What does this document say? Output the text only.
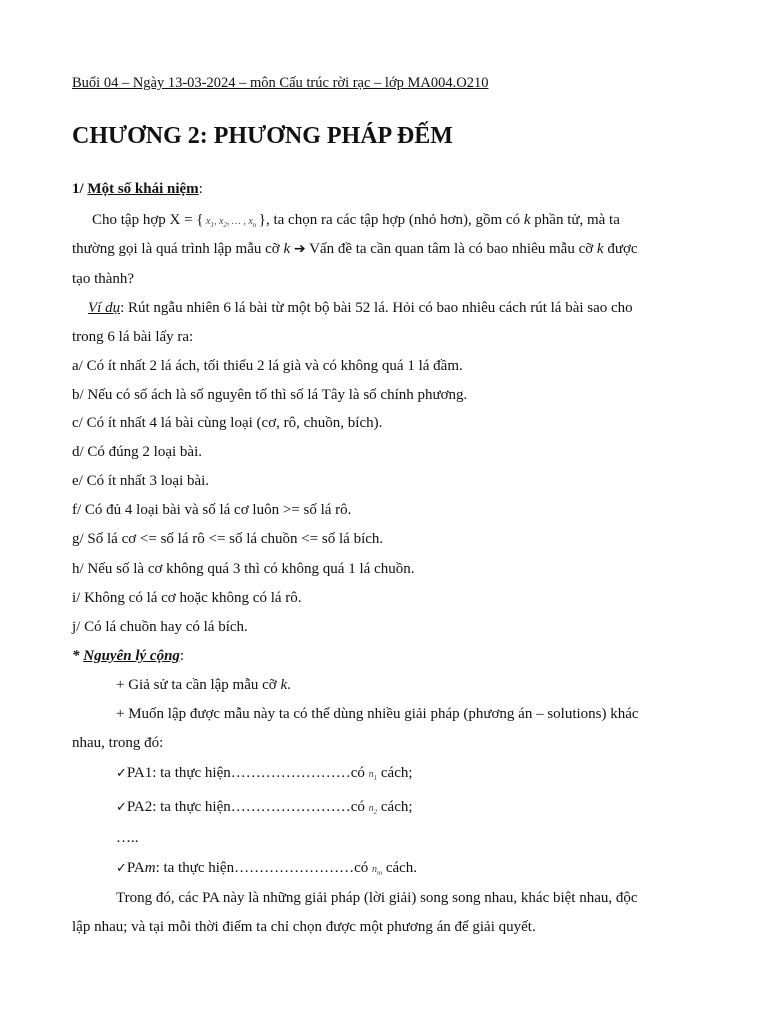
Buổi 04 – Ngày 13-03-2024 – môn Cấu trúc rời rạc – lớp MA004.O210
CHƯƠNG 2: PHƯƠNG PHÁP ĐẾM
1/ Một số khái niệm:
Cho tập hợp X = { $x_1$, $x_2$, … , $x_n$ }, ta chọn ra các tập hợp (nhỏ hơn), gồm có k phần tử, mà ta
thường gọi là quá trình lập mẫu cỡ k ➔ Vấn đề ta cần quan tâm là có bao nhiêu mẫu cỡ k được
tạo thành?
Ví dụ: Rút ngẫu nhiên 6 lá bài từ một bộ bài 52 lá. Hỏi có bao nhiêu cách rút lá bài sao cho
trong 6 lá bài lấy ra:
a/ Có ít nhất 2 lá ách, tối thiểu 2 lá già và có không quá 1 lá đầm.
b/ Nếu có số ách là số nguyên tố thì số lá Tây là số chính phương.
c/ Có ít nhất 4 lá bài cùng loại (cơ, rô, chuồn, bích).
d/ Có đúng 2 loại bài.
e/ Có ít nhất 3 loại bài.
f/ Có đủ 4 loại bài và số lá cơ luôn >= số lá rô.
g/ Số lá cơ <= số lá rô <= số lá chuồn <= số lá bích.
h/ Nếu số là cơ không quá 3 thì có không quá 1 lá chuồn.
i/ Không có lá cơ hoặc không có lá rô.
j/ Có lá chuồn hay có lá bích.
* Nguyên lý cộng:
+ Giả sử ta cần lập mẫu cỡ k.
+ Muốn lập được mẫu này ta có thể dùng nhiều giải pháp (phương án – solutions) khác
nhau, trong đó:
✓PA1: ta thực hiện……………………có $n_1$ cách;
✓PA2: ta thực hiện……………………có $n_2$ cách;
…..
✓PAm: ta thực hiện……………………có $n_m$ cách.
Trong đó, các PA này là những giải pháp (lời giải) song song nhau, khác biệt nhau, độc
lập nhau; và tại mỗi thời điểm ta chỉ chọn được một phương án để giải quyết.
